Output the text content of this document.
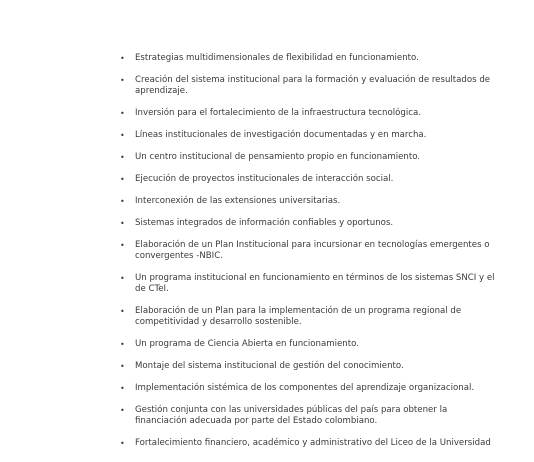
• Estrategias multidimensionales de flexibilidad en funcionamiento.
• Creación del sistema institucional para la formación y evaluación de resultados de aprendizaje.
• Inversión para el fortalecimiento de la infraestructura tecnológica.
• Líneas institucionales de investigación documentadas y en marcha.
• Un centro institucional de pensamiento propio en funcionamiento.
• Ejecución de proyectos institucionales de interacción social.
• Interconexión de las extensiones universitarias.
• Sistemas integrados de información confiables y oportunos.
• Elaboración de un Plan Institucional para incursionar en tecnologías emergentes o convergentes -NBIC.
• Un programa institucional en funcionamiento en términos de los sistemas SNCI y el de CTeI.
• Elaboración de un Plan para la implementación de un programa regional de competitividad y desarrollo sostenible.
• Un programa de Ciencia Abierta en funcionamiento.
• Montaje del sistema institucional de gestión del conocimiento.
• Implementación sistémica de los componentes del aprendizaje organizacional.
• Gestión conjunta con las universidades públicas del país para obtener la financiación adecuada por parte del Estado colombiano.
• Fortalecimiento financiero, académico y administrativo del Liceo de la Universidad
